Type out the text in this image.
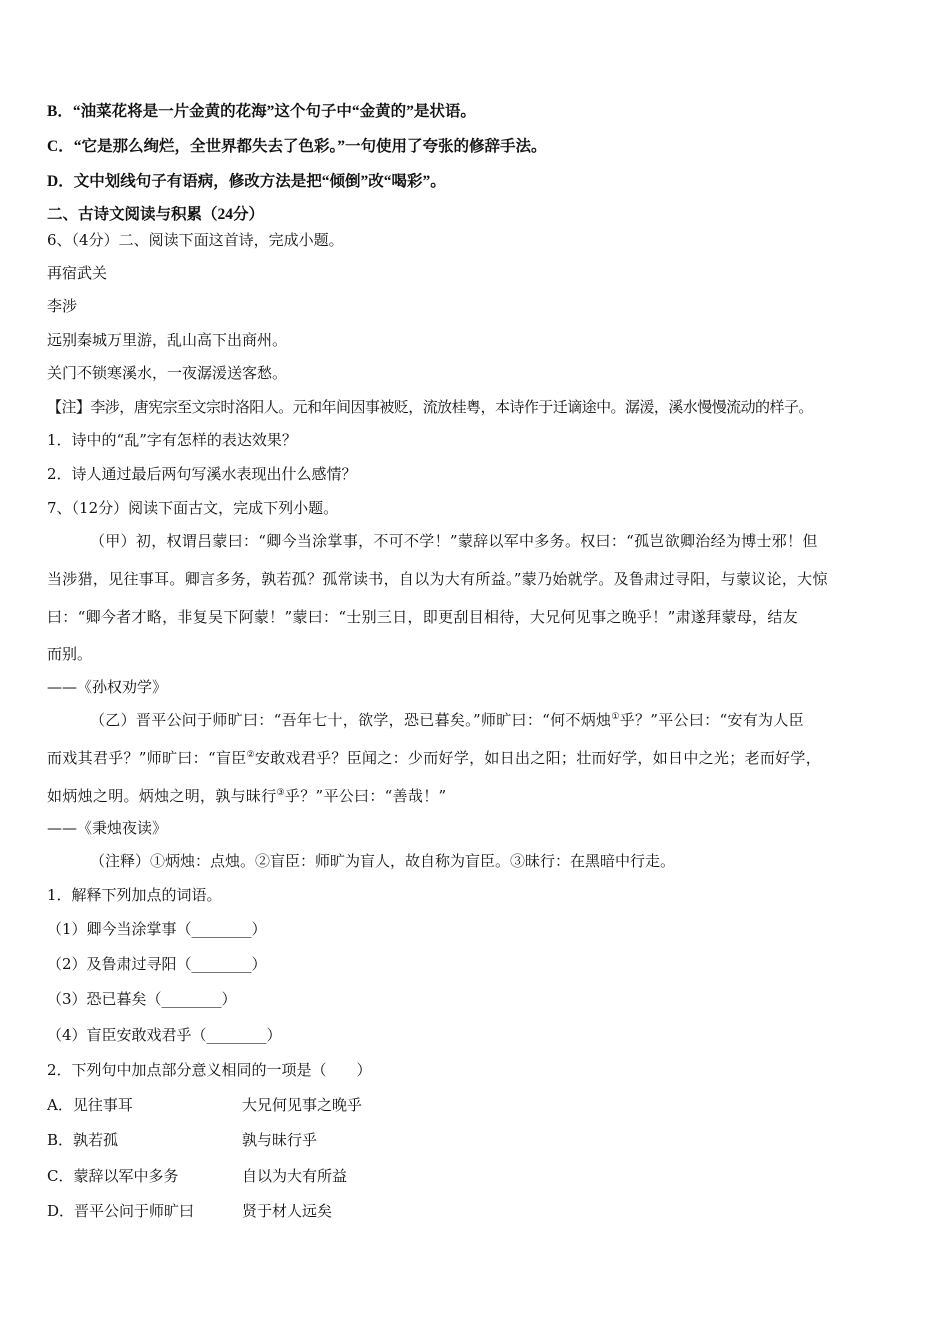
B．“油菜花将是一片金黄的花海”这个句子中“金黄的”是状语。
C．“它是那么绚烂，全世界都失去了色彩。”一句使用了夸张的修辞手法。
D．文中划线句子有语病，修改方法是把“倾倒”改“喝彩”。
二、古诗文阅读与积累（24分）
6、（4分）二、阅读下面这首诗，完成小题。
再宿武关
李涉
远别秦城万里游，乱山高下出商州。
关门不锁寒溪水，一夜潺湲送客愁。
【注】李涉，唐宪宗至文宗时洛阳人。元和年间因事被贬，流放桂粤，本诗作于迁谪途中。潺湲，溪水慢慢流动的样子。
1．诗中的“乱”字有怎样的表达效果？
2．诗人通过最后两句写溪水表现出什么感情？
7、（12分）阅读下面古文，完成下列小题。
（甲）初，权谓吕蒙曰：“卿今当涂掌事，不可不学！”蒙辞以军中多务。权曰：“孤岂欲卿治经为博士邪！但
当涉猎，见往事耳。卿言多务，孰若孤？孤常读书，自以为大有所益。”蒙乃始就学。及鲁肃过寻阳，与蒙议论，大惊
曰：“卿今者才略，非复吴下阿蒙！”蒙曰：“士别三日，即更刮目相待，大兄何见事之晚乎！”肃遂拜蒙母，结友
而别。
——《孙权劝学》
（乙）晋平公问于师旷曰：“吾年七十，欲学，恐已暮矣。”师旷曰：“何不炳烛①乎？”平公曰：“安有为人臣
而戏其君乎？”师旷曰：“盲臣②安敢戏君乎？臣闻之：少而好学，如日出之阳；壮而好学，如日中之光；老而好学，
如炳烛之明。炳烛之明，孰与昧行③乎？”平公曰：“善哉！”
——《秉烛夜读》
（注释）①炳烛：点烛。②盲臣：师旷为盲人，故自称为盲臣。③昧行：在黑暗中行走。
1．解释下列加点的词语。
（1）卿今当涂掌事（________）
（2）及鲁肃过寻阳（________）
（3）恐已暮矣（________）
（4）盲臣安敢戏君乎（________）
2．下列句中加点部分意义相同的一项是（　　）
A．见往事耳	大兄何见事之晚乎
B．孰若孤	孰与昧行乎
C．蒙辞以军中多务	自以为大有所益
D．晋平公问于师旷曰	贤于材人远矣
